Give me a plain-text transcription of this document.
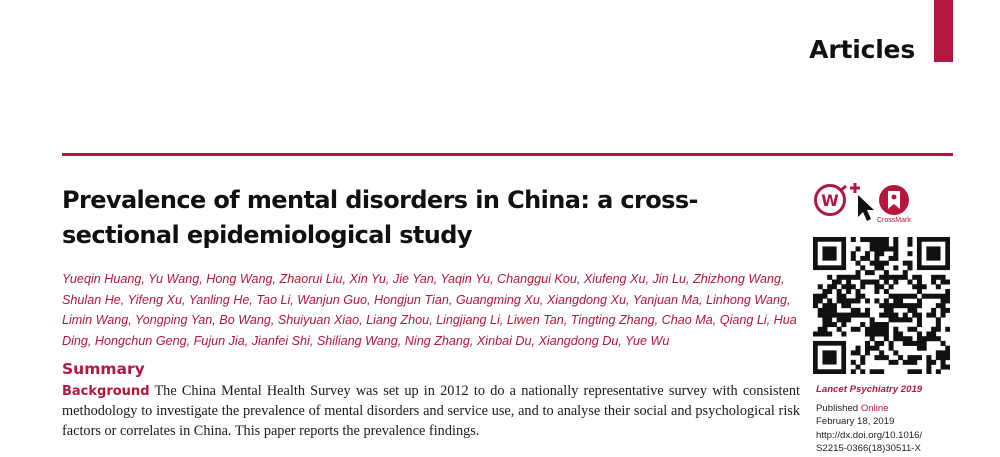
Articles
Prevalence of mental disorders in China: a cross-sectional epidemiological study

Yueqin Huang, Yu Wang, Hong Wang, Zhaorui Liu, Xin Yu, Jie Yan, Yaqin Yu, Changgui Kou, Xiufeng Xu, Jin Lu, Zhizhong Wang, Shulan He, Yifeng Xu, Yanling He, Tao Li, Wanjun Guo, Hongjun Tian, Guangming Xu, Xiangdong Xu, Yanjuan Ma, Linhong Wang, Limin Wang, Yongping Yan, Bo Wang, Shuiyuan Xiao, Liang Zhou, Lingjiang Li, Liwen Tan, Tingting Zhang, Chao Ma, Qiang Li, Hua Ding, Hongchun Geng, Fujun Jia, Jianfei Shi, Shiliang Wang, Ning Zhang, Xinbai Du, Xiangdong Du, Yue Wu

Summary

Background The China Mental Health Survey was set up in 2012 to do a nationally representative survey with consistent methodology to investigate the prevalence of mental disorders and service use, and to analyse their social and psychological risk factors or correlates in China. This paper reports the prevalence findings.

W
CrossMark
Lancet Psychiatry 2019
Published Online
February 18, 2019
http://dx.doi.org/10.1016/
S2215-0366(18)30511-X
